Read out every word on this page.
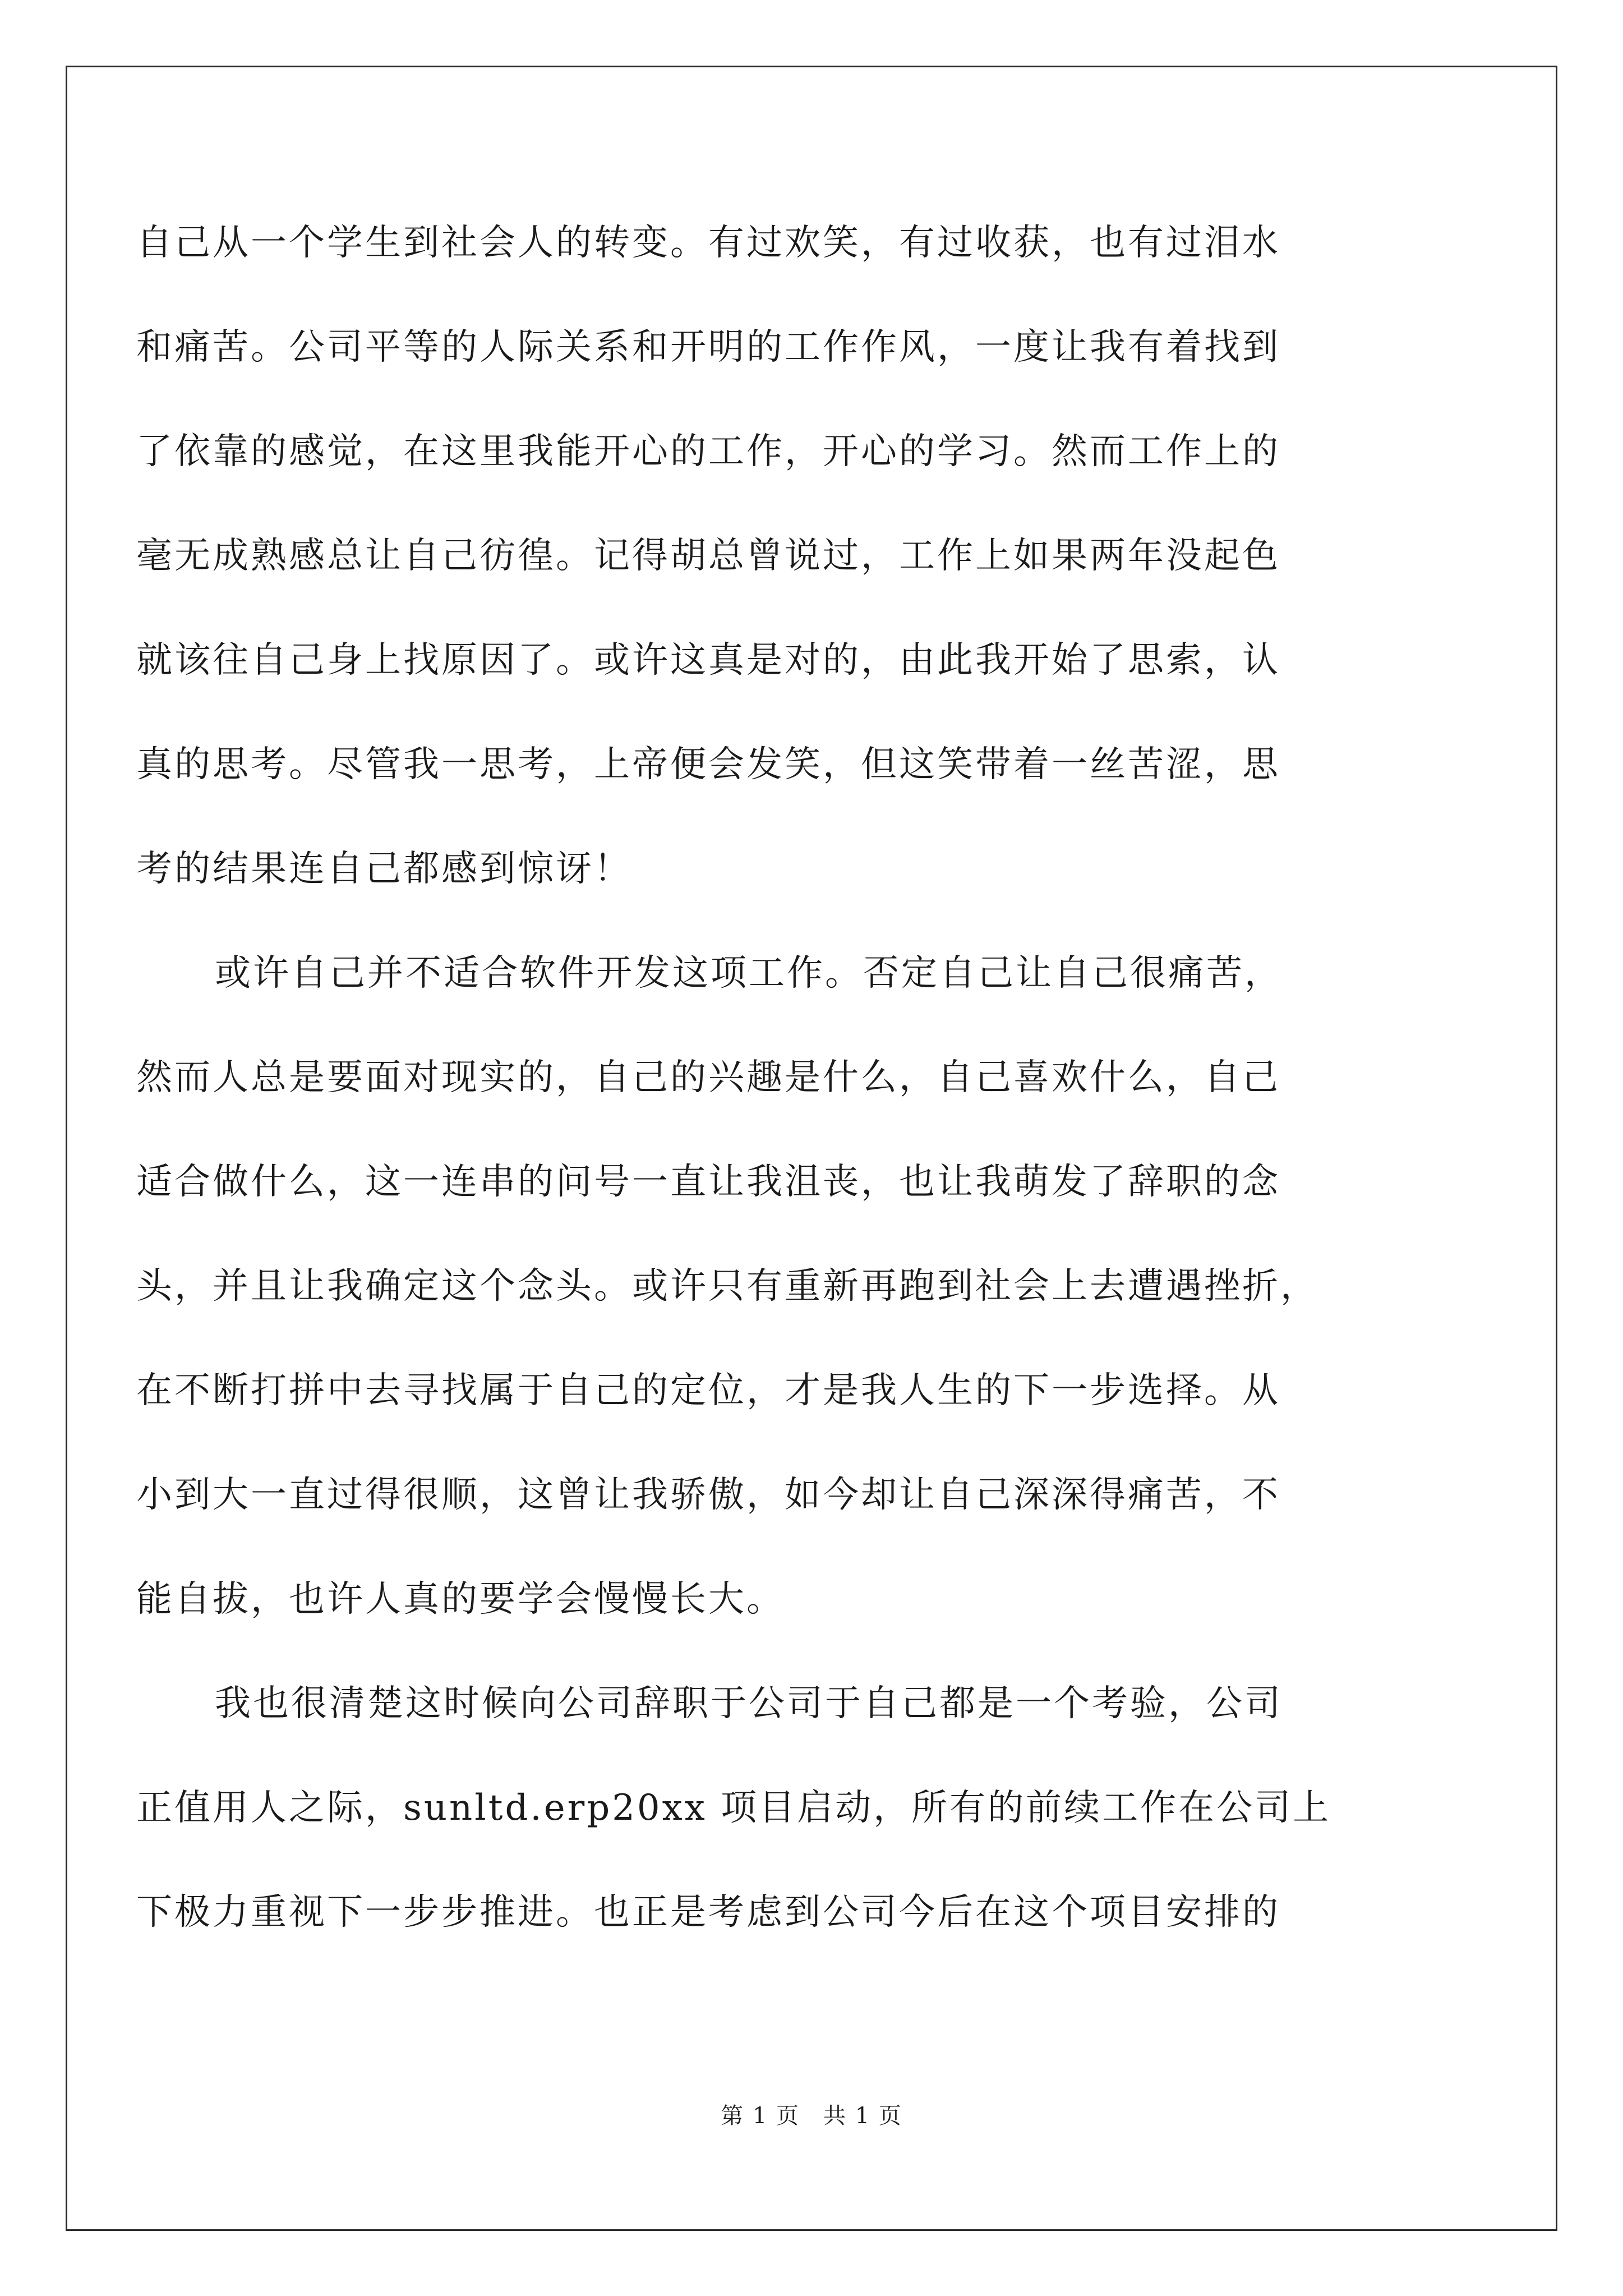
自己从一个学生到社会人的转变。有过欢笑，有过收获，也有过泪水
和痛苦。公司平等的人际关系和开明的工作作风，一度让我有着找到
了依靠的感觉，在这里我能开心的工作，开心的学习。然而工作上的
毫无成熟感总让自己彷徨。记得胡总曾说过，工作上如果两年没起色
就该往自己身上找原因了。或许这真是对的，由此我开始了思索，认
真的思考。尽管我一思考，上帝便会发笑，但这笑带着一丝苦涩，思
考的结果连自己都感到惊讶！
或许自己并不适合软件开发这项工作。否定自己让自己很痛苦，
然而人总是要面对现实的，自己的兴趣是什么，自己喜欢什么，自己
适合做什么，这一连串的问号一直让我沮丧，也让我萌发了辞职的念
头，并且让我确定这个念头。或许只有重新再跑到社会上去遭遇挫折，
在不断打拼中去寻找属于自己的定位，才是我人生的下一步选择。从
小到大一直过得很顺，这曾让我骄傲，如今却让自己深深得痛苦，不
能自拔，也许人真的要学会慢慢长大。
我也很清楚这时候向公司辞职于公司于自己都是一个考验，公司
正值用人之际，sunltd.erp20xx 项目启动，所有的前续工作在公司上
下极力重视下一步步推进。也正是考虑到公司今后在这个项目安排的
第 1 页　共 1 页
